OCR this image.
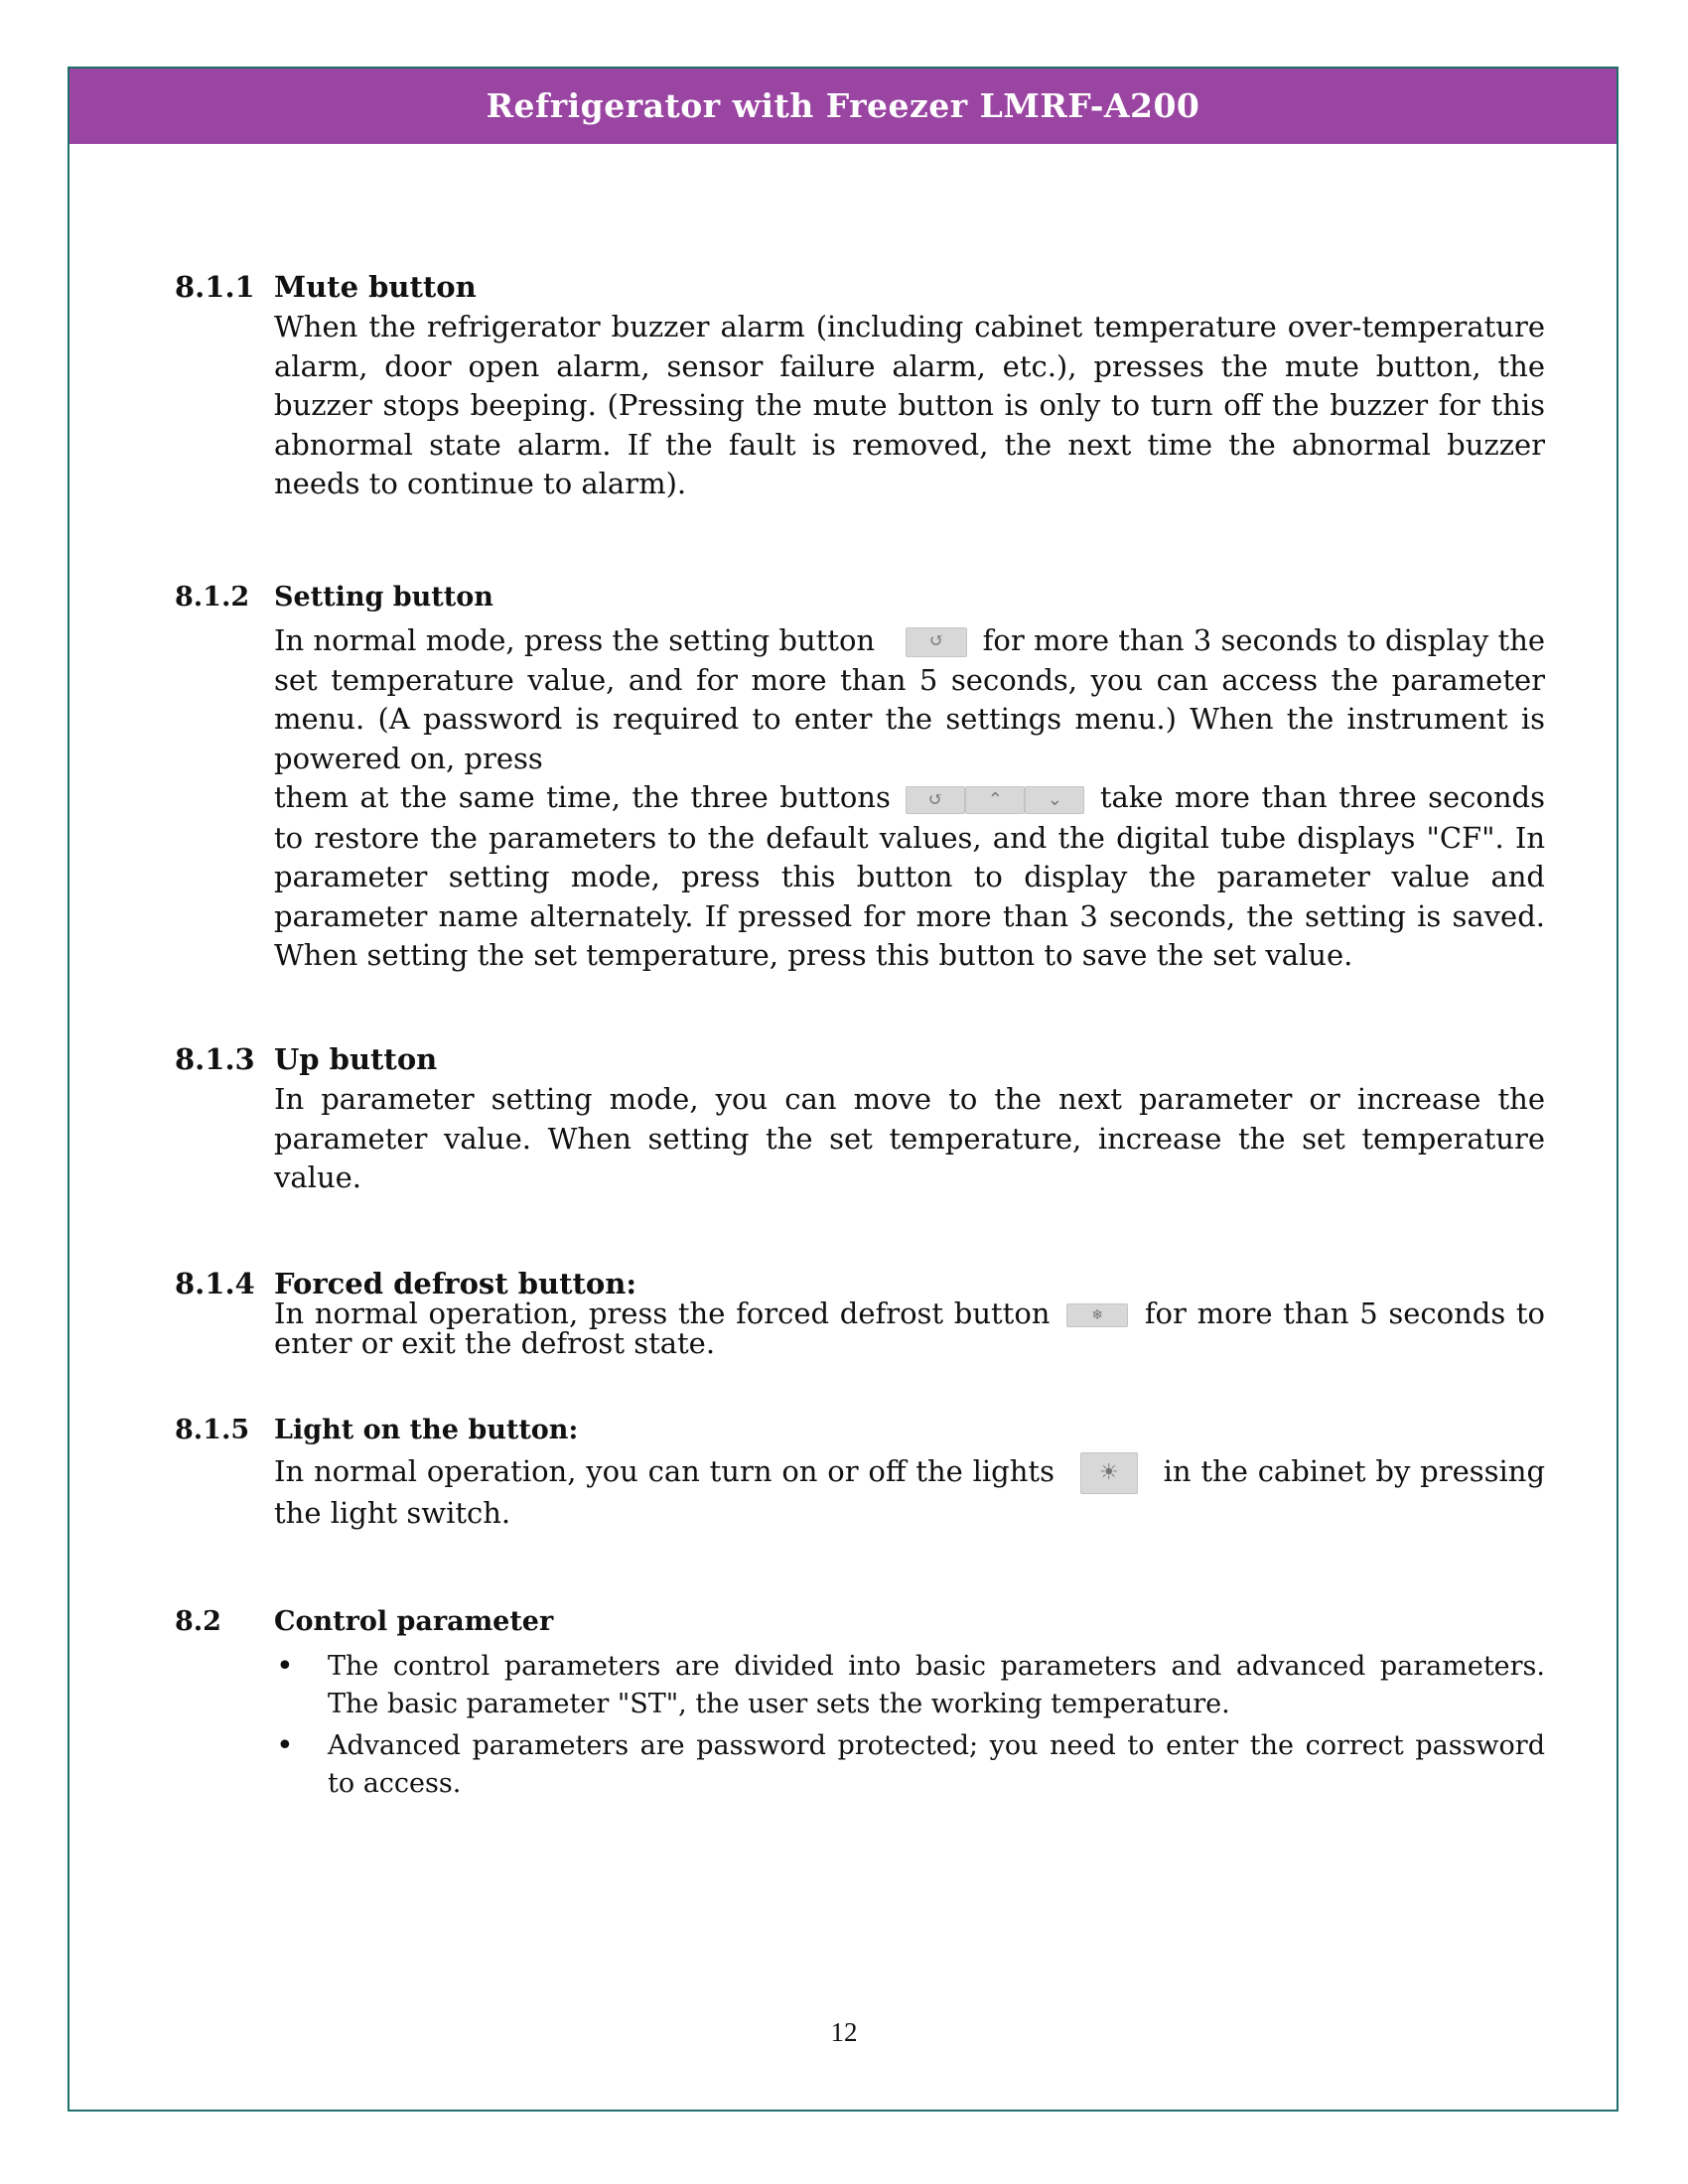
Refrigerator with Freezer LMRF-A200
8.1.1 Mute button

When the refrigerator buzzer alarm (including cabinet temperature over-temperature alarm, door open alarm, sensor failure alarm, etc.), presses the mute button, the buzzer stops beeping. (Pressing the mute button is only to turn off the buzzer for this abnormal state alarm. If the fault is removed, the next time the abnormal buzzer needs to continue to alarm).

8.1.2 Setting button

In normal mode, press the setting button	↺ for more than 3 seconds to display the set temperature value, and for more than 5 seconds, you can access the parameter menu. (A password is required to enter the settings menu.) When the instrument is powered on, press

them at the same time, the three buttons ↺ ⌃ ⌄ take more than three seconds to restore the parameters to the default values, and the digital tube displays "CF". In parameter setting mode, press this button to display the parameter value and parameter name alternately. If pressed for more than 3 seconds, the setting is saved. When setting the set temperature, press this button to save the set value.

8.1.3 Up button

In parameter setting mode, you can move to the next parameter or increase the parameter value. When setting the set temperature, increase the set temperature value.

8.1.4 Forced defrost button:

In normal operation, press the forced defrost button	❄ for more than 5 seconds to enter or exit the defrost state.

8.1.5 Light on the button:

In normal operation, you can turn on or off the lights ☀ in the cabinet by pressing the light switch.

8.2 Control parameter
• The control parameters are divided into basic parameters and advanced parameters. The basic parameter "ST", the user sets the working temperature.
• Advanced parameters are password protected; you need to enter the correct password to access.
12
